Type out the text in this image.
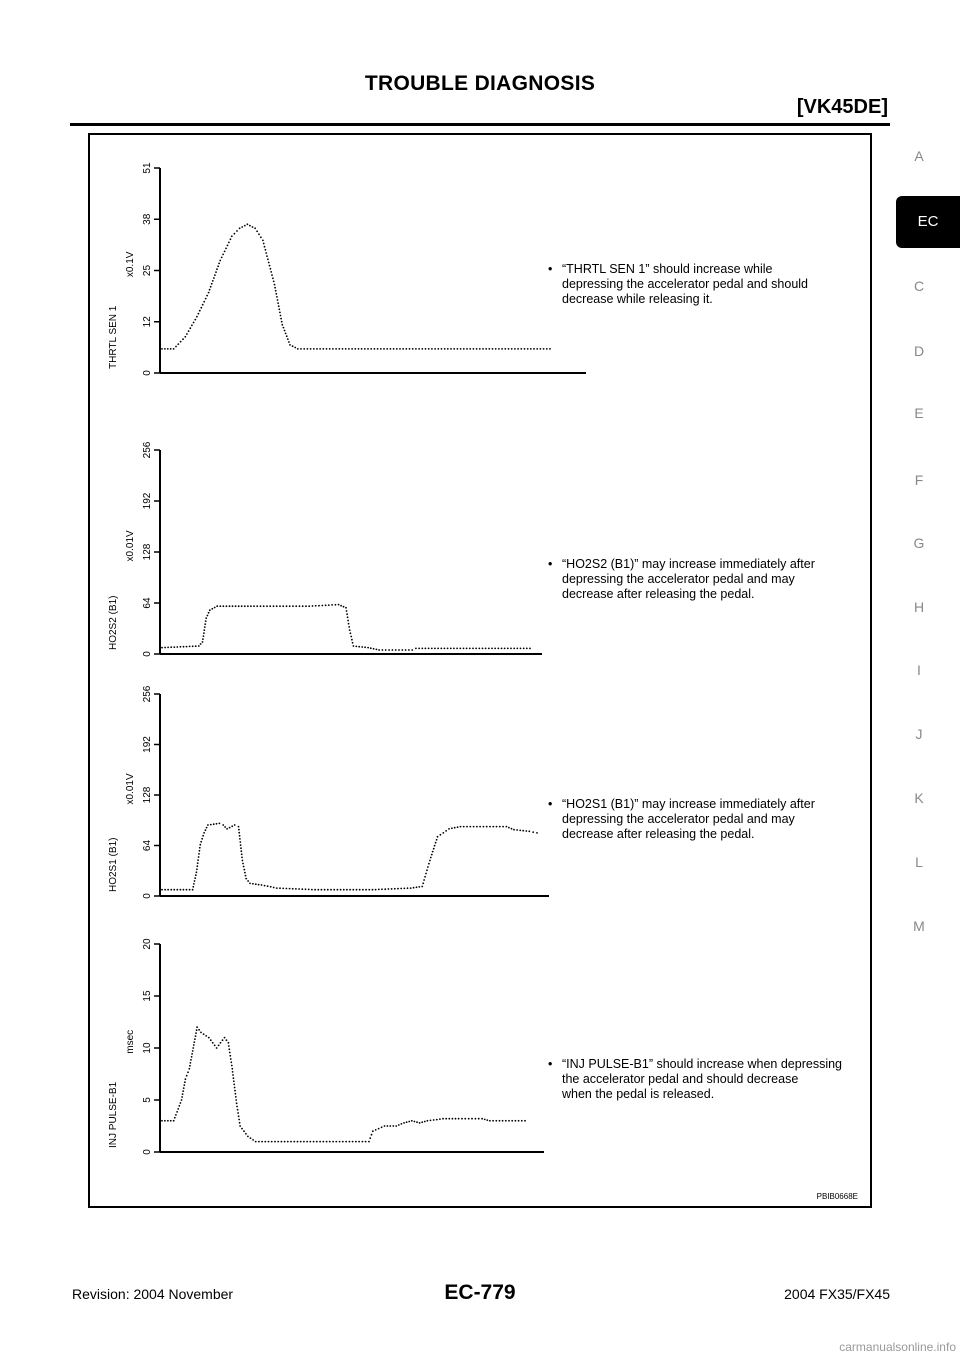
TROUBLE DIAGNOSIS
[VK45DE]
A
EC
C
D
E
F
G
H
I
J
K
L
M
0
12
25
38
51
THRTL SEN 1
x0.1V
0
64
128
192
256
HO2S2 (B1)
x0.01V
0
64
128
192
256
HO2S1 (B1)
x0.01V
0
5
10
15
20
INJ PULSE-B1
msec
• “THRTL SEN 1” should increase while
depressing the accelerator pedal and should
decrease while releasing it.
• “HO2S2 (B1)” may increase immediately after
depressing the accelerator pedal and may
decrease after releasing the pedal.
• “HO2S1 (B1)” may increase immediately after
depressing the accelerator pedal and may
decrease after releasing the pedal.
• “INJ PULSE-B1” should increase when depressing
the accelerator pedal and should decrease
when the pedal is released.
PBIB0668E
Revision: 2004 November	EC-779	2004 FX35/FX45
carmanualsonline.info
